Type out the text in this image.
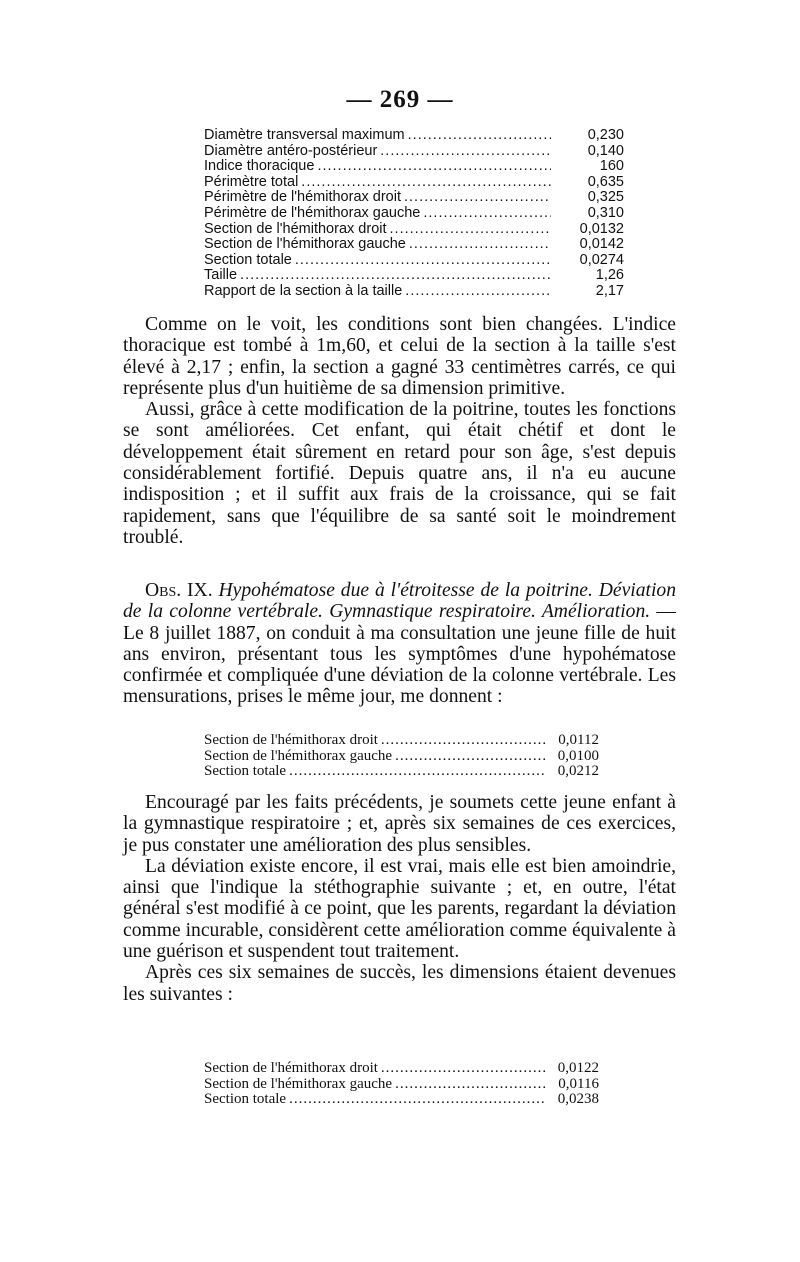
— 269 —
Diamètre transversal maximum .....	0,230
Diamètre antéro-postérieur .....	0,140
Indice thoracique .....	160
Périmètre total .....	0,635
Périmètre de l'hémithorax droit .....	0,325
Périmètre de l'hémithorax gauche .....	0,310
Section de l'hémithorax droit .....	0,0132
Section de l'hémithorax gauche .....	0,0142
Section totale .....	0,0274
Taille .....	1,26
Rapport de la section à la taille .....	2,17

Comme on le voit, les conditions sont bien changées. L'indice thoracique est tombé à 1m,60, et celui de la section à la taille s'est élevé à 2,17 ; enfin, la section a gagné 33 centimètres carrés, ce qui représente plus d'un huitième de sa dimension primitive.

Aussi, grâce à cette modification de la poitrine, toutes les fonctions se sont améliorées. Cet enfant, qui était chétif et dont le développement était sûrement en retard pour son âge, s'est depuis considérablement fortifié. Depuis quatre ans, il n'a eu aucune indisposition ; et il suffit aux frais de la croissance, qui se fait rapidement, sans que l'équilibre de sa santé soit le moindrement troublé.

Obs. IX. Hypohématose due à l'étroitesse de la poitrine. Déviation de la colonne vertébrale. Gymnastique respiratoire. Amélioration. — Le 8 juillet 1887, on conduit à ma consultation une jeune fille de huit ans environ, présentant tous les symptômes d'une hypohématose confirmée et compliquée d'une déviation de la colonne vertébrale. Les mensurations, prises le même jour, me donnent :

Section de l'hémithorax droit .....	0,0112
Section de l'hémithorax gauche .....	0,0100
Section totale .....	0,0212

Encouragé par les faits précédents, je soumets cette jeune enfant à la gymnastique respiratoire ; et, après six semaines de ces exercices, je pus constater une amélioration des plus sensibles.

La déviation existe encore, il est vrai, mais elle est bien amoindrie, ainsi que l'indique la stéthographie suivante ; et, en outre, l'état général s'est modifié à ce point, que les parents, regardant la déviation comme incurable, considèrent cette amélioration comme équivalente à une guérison et suspendent tout traitement.

Après ces six semaines de succès, les dimensions étaient devenues les suivantes :

Section de l'hémithorax droit .....	0,0122
Section de l'hémithorax gauche .....	0,0116
Section totale .....	0,0238
